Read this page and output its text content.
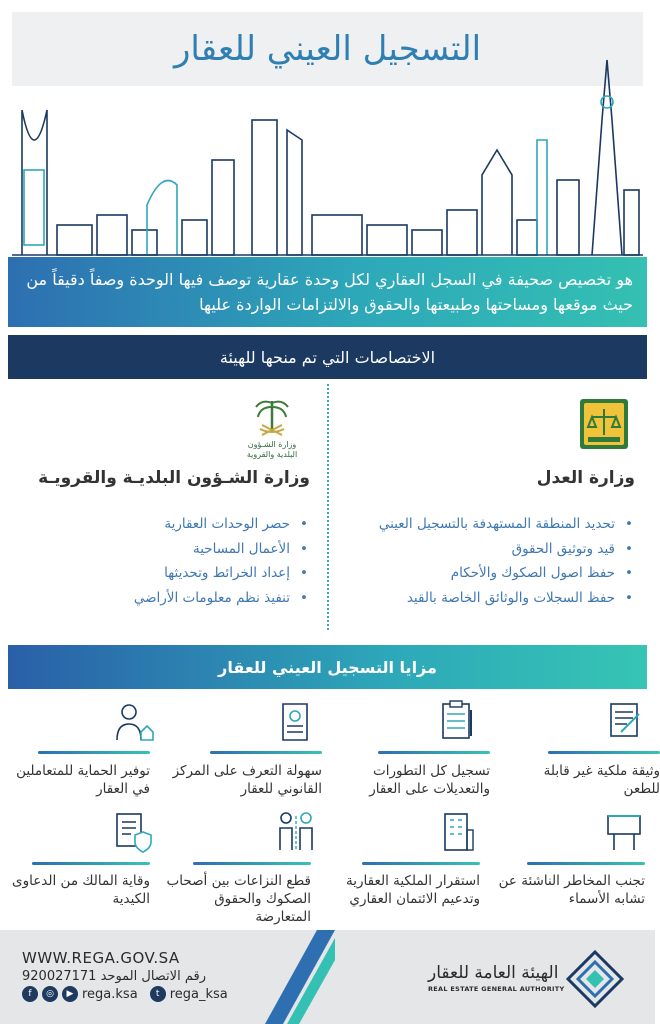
التسجيل العيني للعقار
هو تخصيص صحيفة في السجل العقاري لكل وحدة عقارية توصف فيها الوحدة وصفاً دقيقاً من حيث موقعها ومساحتها وطبيعتها والحقوق والالتزامات الواردة عليها
الاختصاصات التي تم منحها للهيئة
وزارة الشـؤون
البلدية والقروية
وزارة العدل
• تحديد المنطقة المستهدفة بالتسجيل العيني
• قيد وتوثيق الحقوق
• حفظ اصول الصكوك والأحكام
• حفظ السجلات والوثائق الخاصة بالقيد
وزارة الشـؤون البلديـة والقرويـة
• حصر الوحدات العقارية
• الأعمال المساحية
• إعداد الخرائط وتحديثها
• تنفيذ نظم معلومات الأراضي
مزايا التسجيل العيني للعقار
وثيقة ملكية غير قابلة للطعن
تسجيل كل التطورات والتعديلات على العقار
سهولة التعرف على المركز القانوني للعقار
توفير الحماية للمتعاملين في العقار
تجنب المخاطر الناشئة عن تشابه الأسماء
استقرار الملكية العقارية وتدعيم الائتمان العقاري
قطع النزاعات بين أصحاب الصكوك والحقوق المتعارضة
وقاية المالك من الدعاوى الكيدية
WWW.REGA.GOV.SA
رقم الاتصال الموحد 920027171
f	◎	▶ rega.ksa	t rega_ksa
الهيئة العامة للعقار
REAL ESTATE GENERAL AUTHORITY
